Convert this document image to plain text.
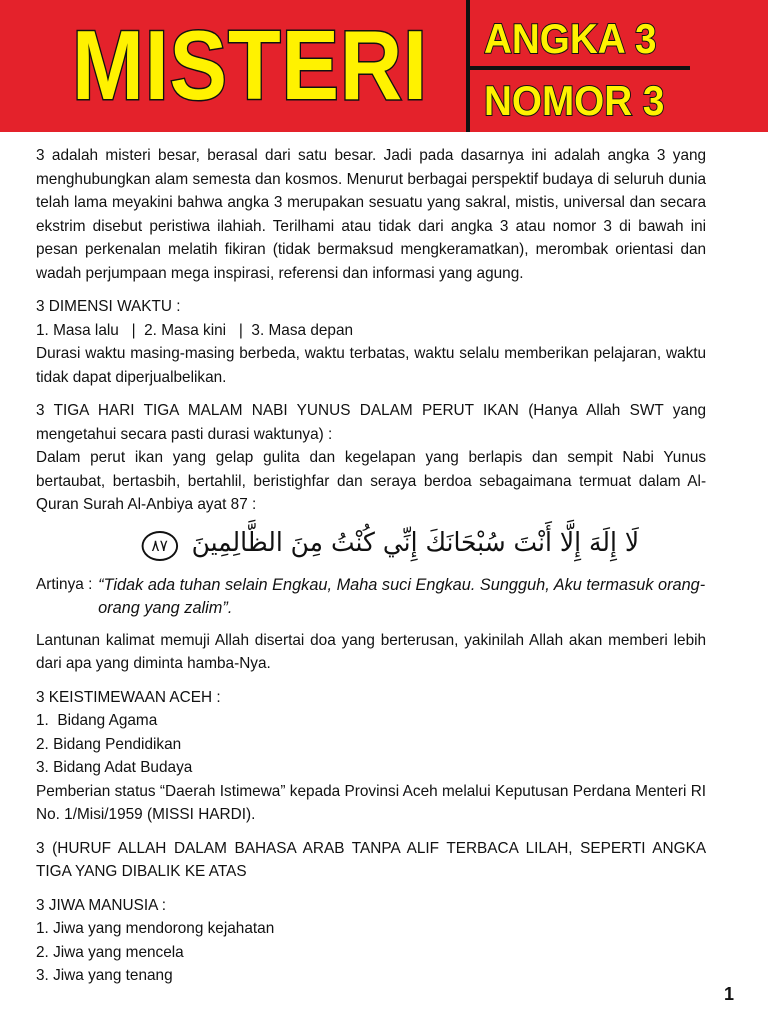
MISTERI ANGKA 3
NOMOR 3

3 adalah misteri besar, berasal dari satu besar. Jadi pada dasarnya ini adalah angka 3 yang menghubungkan alam semesta dan kosmos. Menurut berbagai perspektif budaya di seluruh dunia telah lama meyakini bahwa angka 3 merupakan sesuatu yang sakral, mistis, universal dan secara ekstrim disebut peristiwa ilahiah. Terilhami atau tidak dari angka 3 atau nomor 3 di bawah ini pesan perkenalan melatih fikiran (tidak bermaksud mengkeramatkan), merombak orientasi dan wadah perjumpaan mega inspirasi, referensi dan informasi yang agung.

3 DIMENSI WAKTU :
1. Masa lalu   |  2. Masa kini   |  3. Masa depan
Durasi waktu masing-masing berbeda, waktu terbatas, waktu selalu memberikan pelajaran, waktu tidak dapat diperjualbelikan.
3 TIGA HARI TIGA MALAM NABI YUNUS DALAM PERUT IKAN (Hanya Allah SWT yang mengetahui secara pasti durasi waktunya) :
Dalam perut ikan yang gelap gulita dan kegelapan yang berlapis dan sempit Nabi Yunus bertaubat, bertasbih, bertahlil, beristighfar dan seraya berdoa sebagaimana termuat dalam Al-Quran Surah Al-Anbiya ayat 87 :
لَا إِلَهَ إِلَّا أَنْتَ سُبْحَانَكَ إِنِّي كُنْتُ مِنَ الظَّالِمِينَ ٨٧
Artinya : “Tidak ada tuhan selain Engkau, Maha suci Engkau. Sungguh, Aku termasuk orang-orang yang zalim”.

Lantunan kalimat memuji Allah disertai doa yang berterusan, yakinilah Allah akan memberi lebih dari apa yang diminta hamba-Nya.

3 KEISTIMEWAAN ACEH :
1.  Bidang Agama
2. Bidang Pendidikan
3. Bidang Adat Budaya
Pemberian status “Daerah Istimewa” kepada Provinsi Aceh melalui Keputusan Perdana Menteri RI No. 1/Misi/1959 (MISSI HARDI).

3 (HURUF ALLAH DALAM BAHASA ARAB TANPA ALIF TERBACA LILAH, SEPERTI ANGKA TIGA YANG DIBALIK KE ATAS

3 JIWA MANUSIA :
1. Jiwa yang mendorong kejahatan
2. Jiwa yang mencela
3. Jiwa yang tenang
1
